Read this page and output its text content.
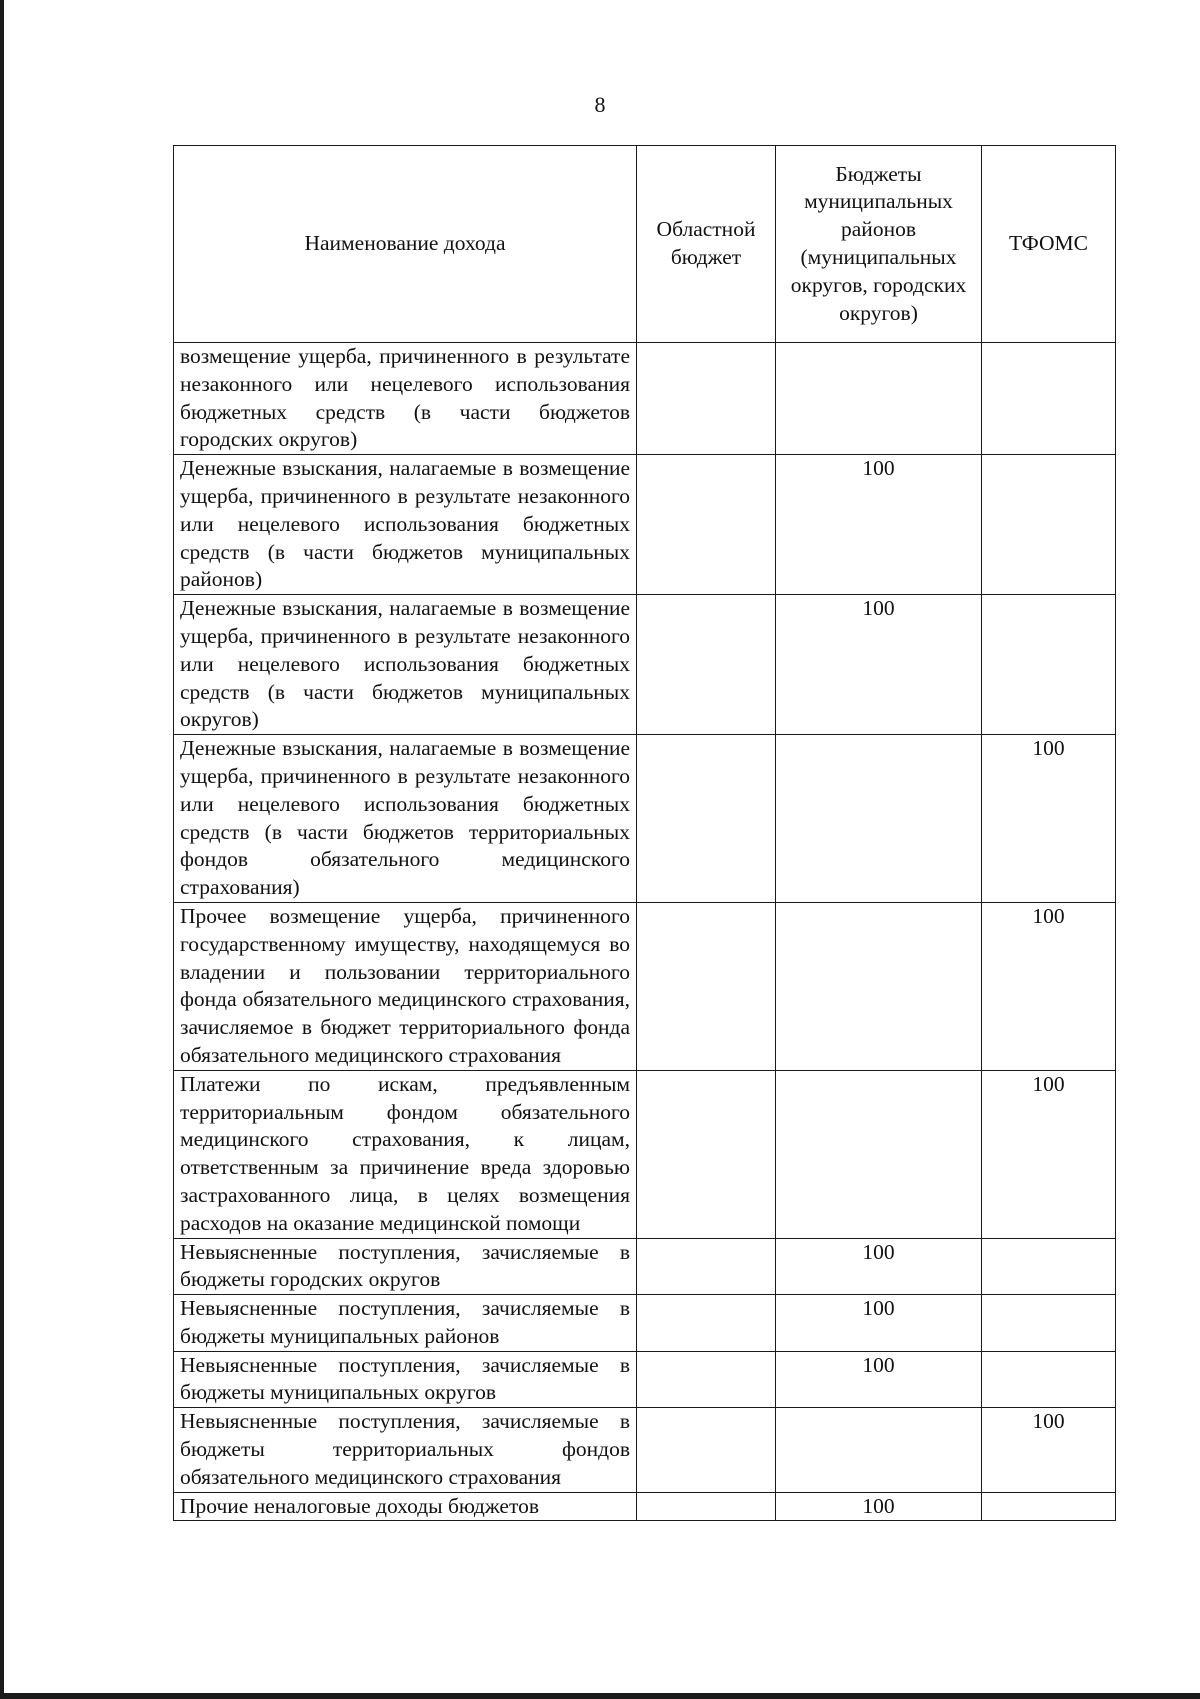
8
Наименование дохода	Областной бюджет	Бюджеты муниципальных районов (муниципальных округов, городских округов)	ТФОМС
возмещение ущерба, причиненного в результате незаконного или нецелевого использования бюджетных средств (в части бюджетов городских округов)			
Денежные взыскания, налагаемые в возмещение ущерба, причиненного в результате незаконного или нецелевого использования бюджетных средств (в части бюджетов муниципальных районов)		100	
Денежные взыскания, налагаемые в возмещение ущерба, причиненного в результате незаконного или нецелевого использования бюджетных средств (в части бюджетов муниципальных округов)		100	
Денежные взыскания, налагаемые в возмещение ущерба, причиненного в результате незаконного или нецелевого использования бюджетных средств (в части бюджетов территориальных фондов обязательного медицинского страхования)			100
Прочее возмещение ущерба, причиненного государственному имуществу, находящемуся во владении и пользовании территориального фонда обязательного медицинского страхования, зачисляемое в бюджет территориального фонда обязательного медицинского страхования			100
Платежи по искам, предъявленным территориальным фондом обязательного медицинского страхования, к лицам, ответственным за причинение вреда здоровью застрахованного лица, в целях возмещения расходов на оказание медицинской помощи			100
Невыясненные поступления, зачисляемые в бюджеты городских округов		100	
Невыясненные поступления, зачисляемые в бюджеты муниципальных районов		100	
Невыясненные поступления, зачисляемые в бюджеты муниципальных округов		100	
Невыясненные поступления, зачисляемые в бюджеты территориальных фондов обязательного медицинского страхования			100
Прочие неналоговые доходы бюджетов		100	
